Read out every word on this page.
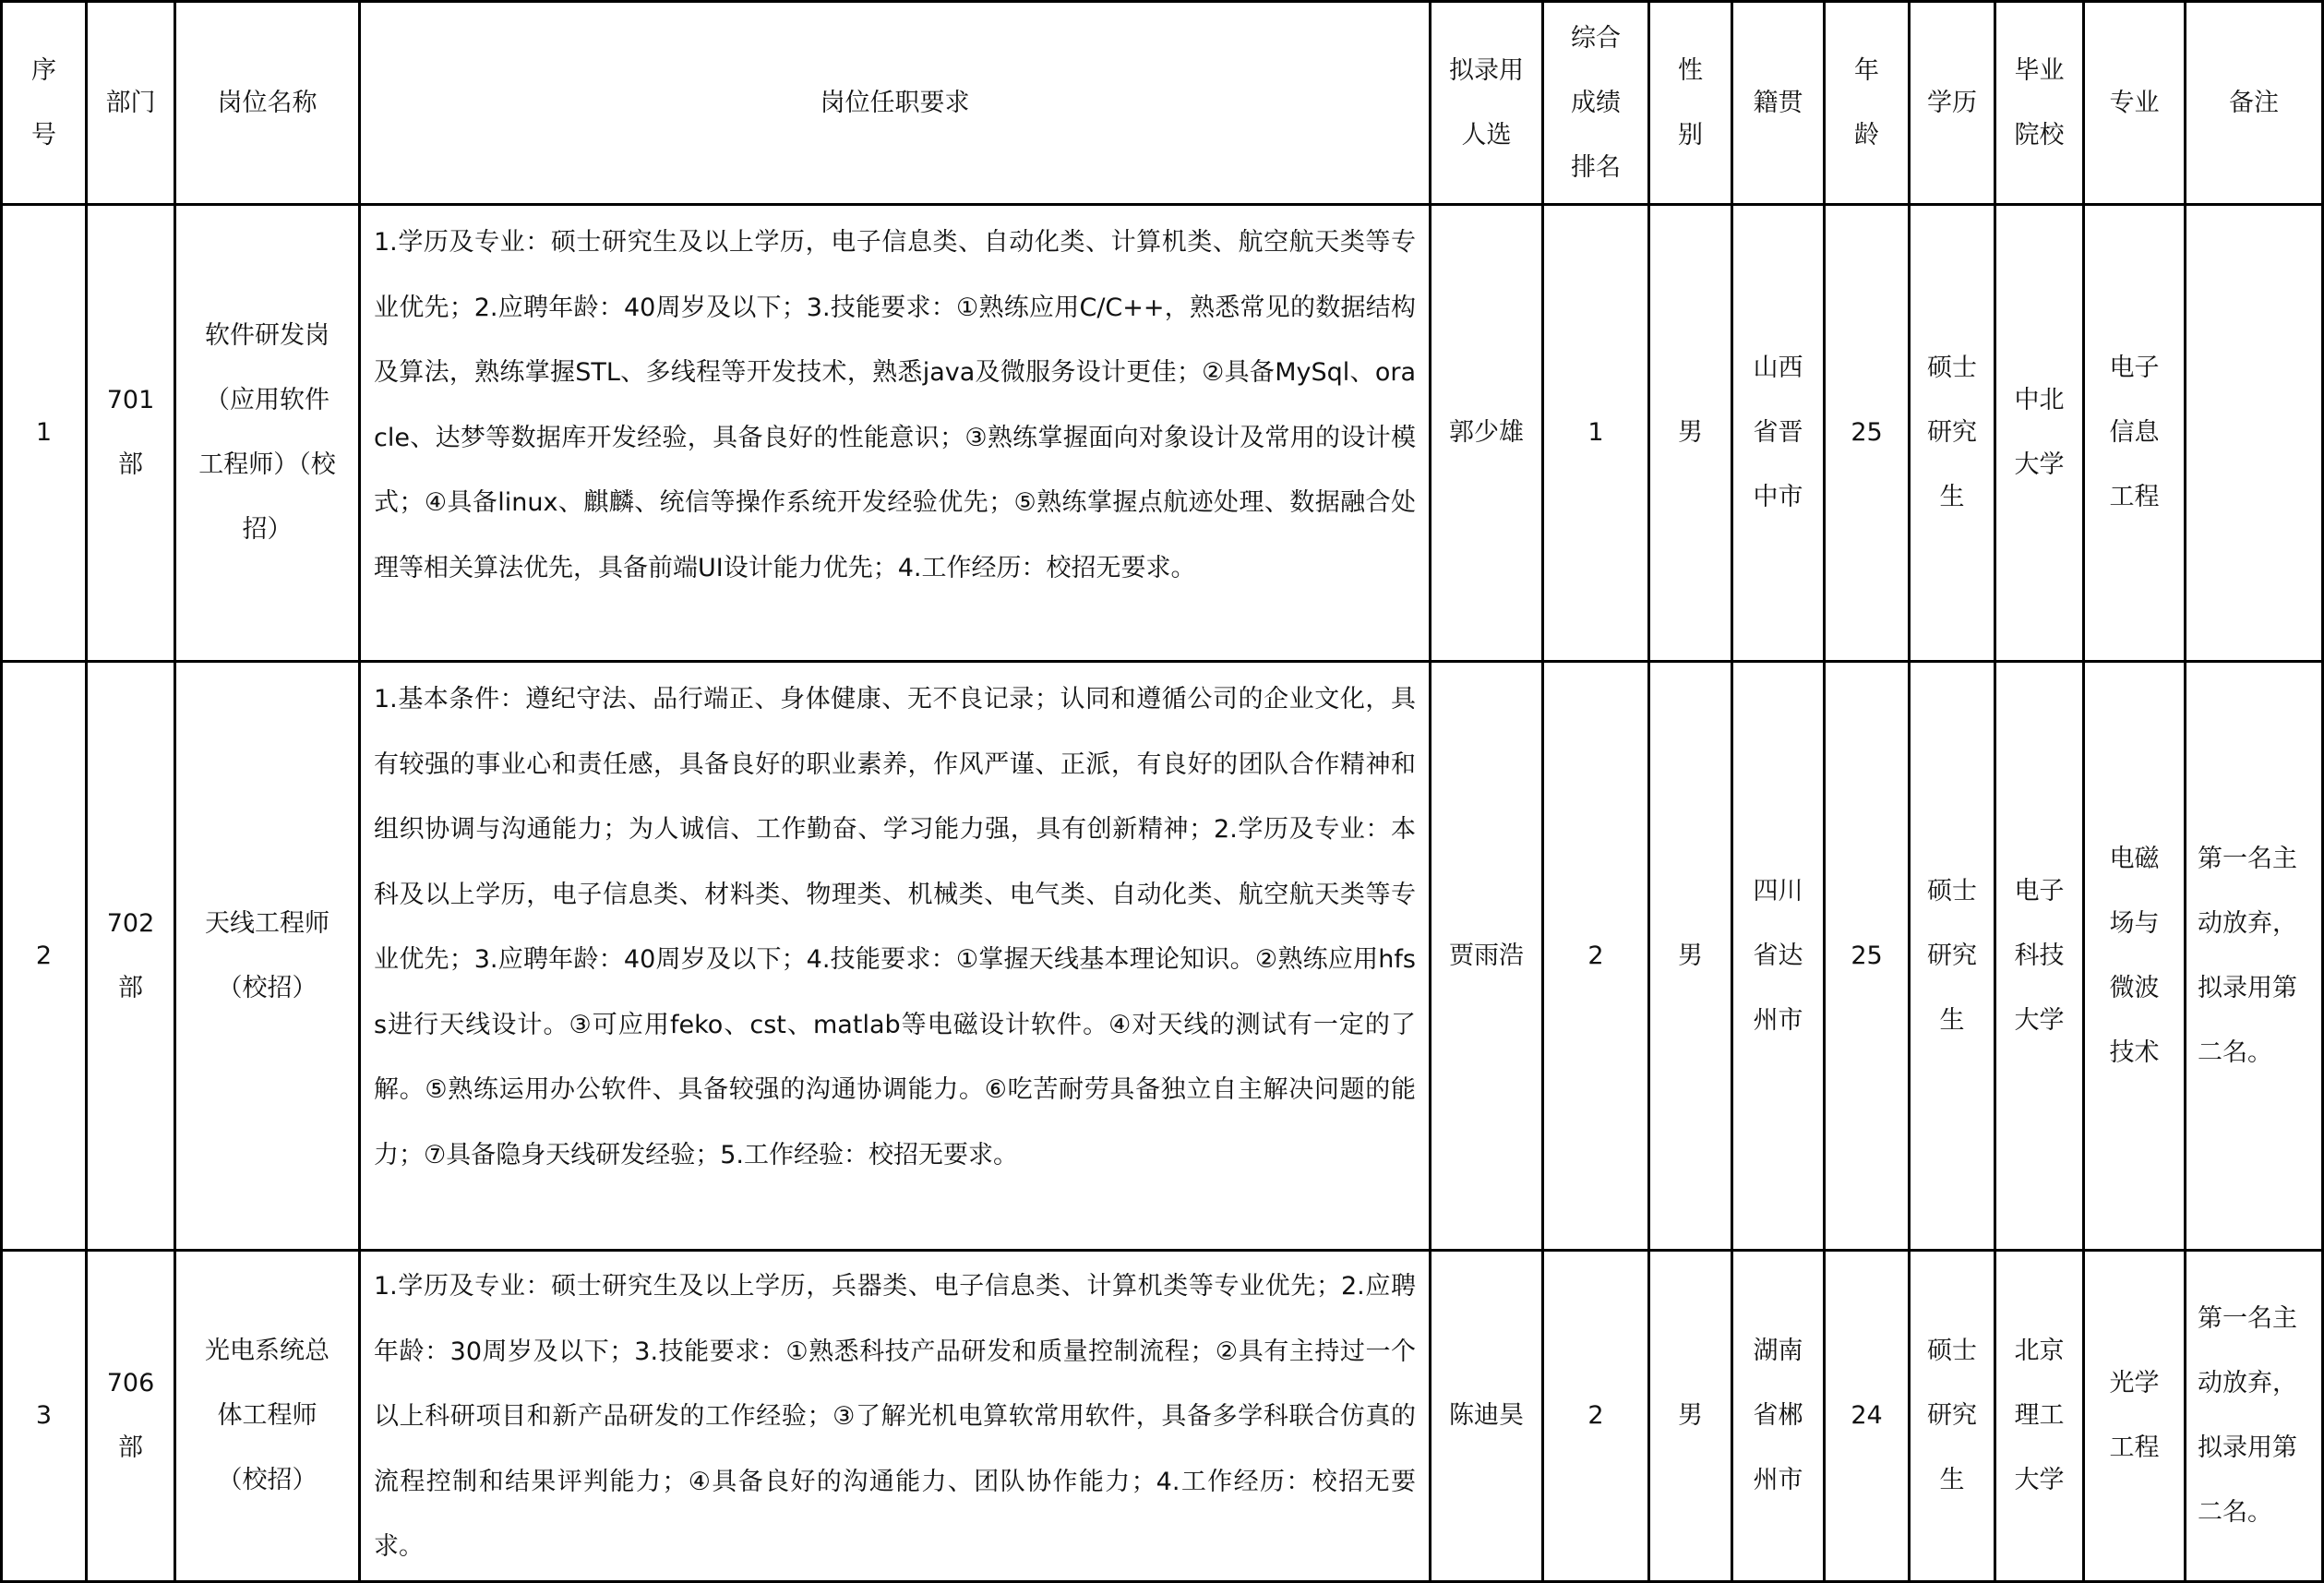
序号	部门	岗位名称	岗位任职要求	拟录用人选	综合成绩排名	性别	籍贯	年龄	学历	毕业院校	专业	备注

1	701部	软件研发岗（应用软件工程师）（校招）	1.学历及专业：硕士研究生及以上学历，电子信息类、自动化类、计算机类、航空航天类等专业优先；2.应聘年龄：40周岁及以下；3.技能要求：①熟练应用C/C++，熟悉常见的数据结构及算法，熟练掌握STL、多线程等开发技术，熟悉java及微服务设计更佳；②具备MySql、oracle、达梦等数据库开发经验，具备良好的性能意识；③熟练掌握面向对象设计及常用的设计模式；④具备linux、麒麟、统信等操作系统开发经验优先；⑤熟练掌握点航迹处理、数据融合处理等相关算法优先，具备前端UI设计能力优先；4.工作经历：校招无要求。	郭少雄	1	男	山西省晋中市	25	硕士研究生	中北大学	电子信息工程	

2	702部	天线工程师（校招）	1.基本条件：遵纪守法、品行端正、身体健康、无不良记录；认同和遵循公司的企业文化，具有较强的事业心和责任感，具备良好的职业素养，作风严谨、正派，有良好的团队合作精神和组织协调与沟通能力；为人诚信、工作勤奋、学习能力强，具有创新精神；2.学历及专业：本科及以上学历，电子信息类、材料类、物理类、机械类、电气类、自动化类、航空航天类等专业优先；3.应聘年龄：40周岁及以下；4.技能要求：①掌握天线基本理论知识。②熟练应用hfss进行天线设计。③可应用feko、cst、matlab等电磁设计软件。④对天线的测试有一定的了解。⑤熟练运用办公软件、具备较强的沟通协调能力。⑥吃苦耐劳具备独立自主解决问题的能力；⑦具备隐身天线研发经验；5.工作经验：校招无要求。	贾雨浩	2	男	四川省达州市	25	硕士研究生	电子科技大学	电磁场与微波技术	第一名主动放弃，拟录用第二名。

3	706部	光电系统总体工程师（校招）	1.学历及专业：硕士研究生及以上学历，兵器类、电子信息类、计算机类等专业优先；2.应聘年龄：30周岁及以下；3.技能要求：①熟悉科技产品研发和质量控制流程；②具有主持过一个以上科研项目和新产品研发的工作经验；③了解光机电算软常用软件，具备多学科联合仿真的流程控制和结果评判能力；④具备良好的沟通能力、团队协作能力；4.工作经历：校招无要求。	陈迪昊	2	男	湖南省郴州市	24	硕士研究生	北京理工大学	光学工程	第一名主动放弃，拟录用第二名。
